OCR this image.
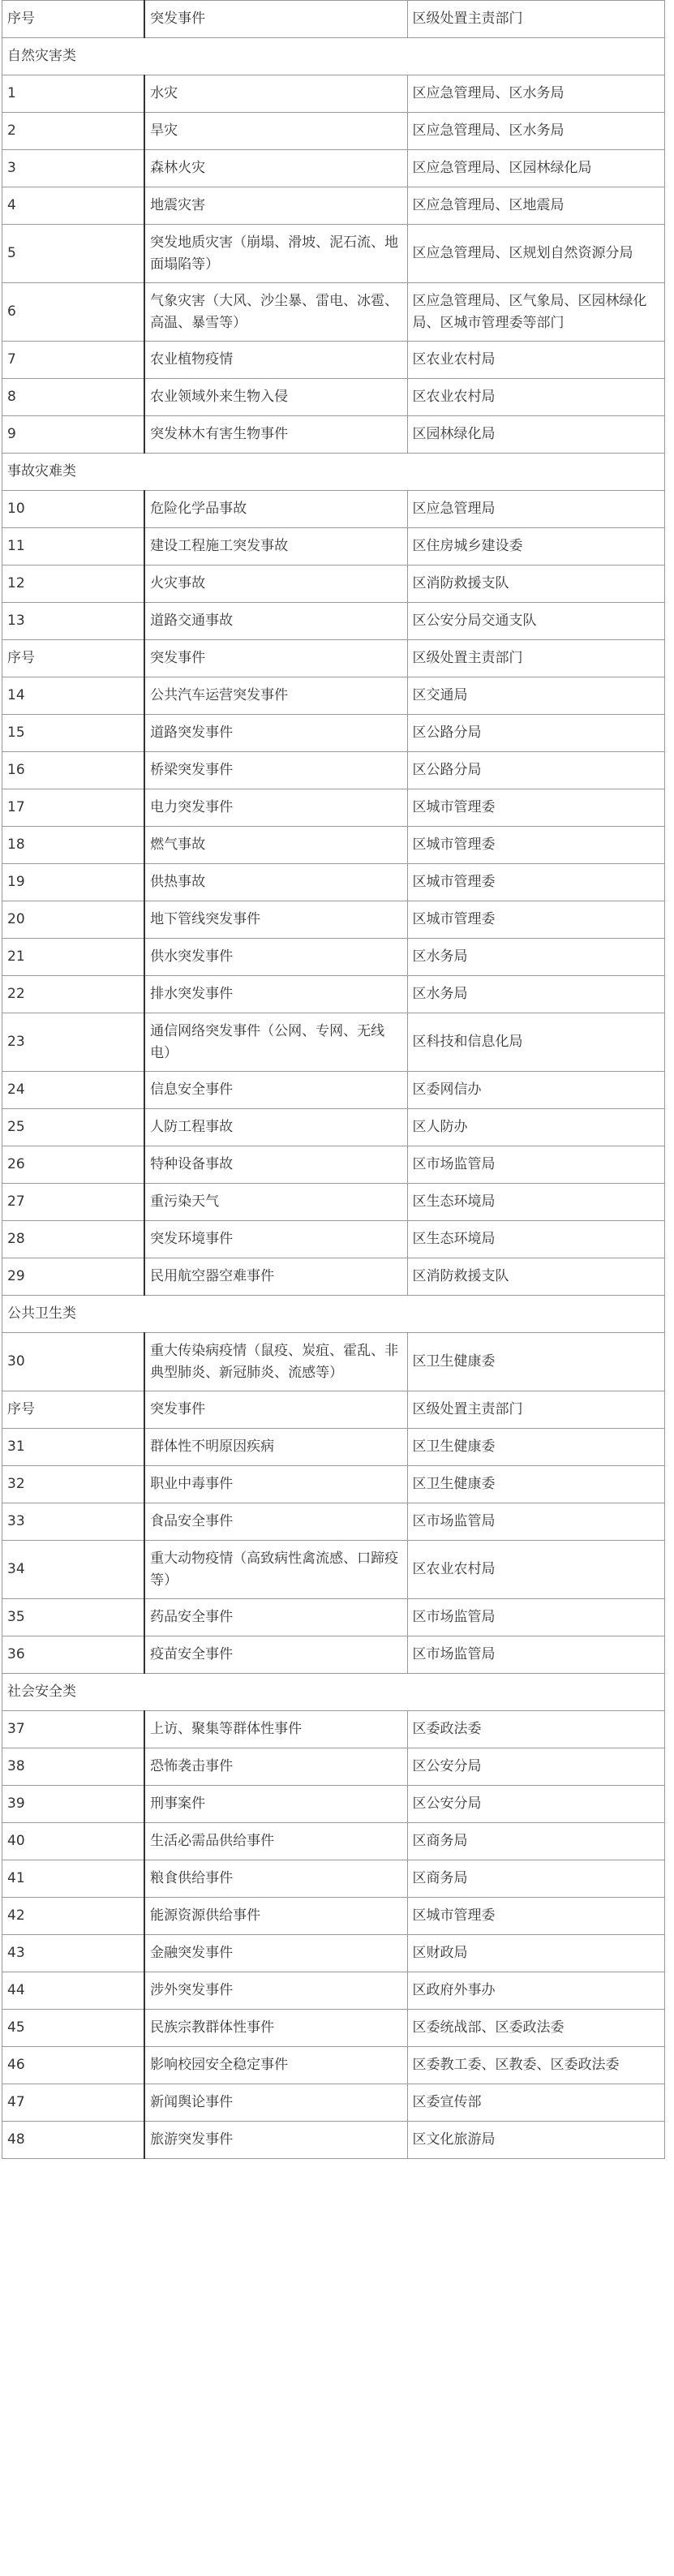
序号	突发事件	区级处置主责部门
自然灾害类		
1	水灾	区应急管理局、区水务局
2	旱灾	区应急管理局、区水务局
3	森林火灾	区应急管理局、区园林绿化局
4	地震灾害	区应急管理局、区地震局
5	突发地质灾害（崩塌、滑坡、泥石流、地面塌陷等）	区应急管理局、区规划自然资源分局
6	气象灾害（大风、沙尘暴、雷电、冰雹、高温、暴雪等）	区应急管理局、区气象局、区园林绿化局、区城市管理委等部门
7	农业植物疫情	区农业农村局
8	农业领域外来生物入侵	区农业农村局
9	突发林木有害生物事件	区园林绿化局
事故灾难类		
10	危险化学品事故	区应急管理局
11	建设工程施工突发事故	区住房城乡建设委
12	火灾事故	区消防救援支队
13	道路交通事故	区公安分局交通支队
序号	突发事件	区级处置主责部门
14	公共汽车运营突发事件	区交通局
15	道路突发事件	区公路分局
16	桥梁突发事件	区公路分局
17	电力突发事件	区城市管理委
18	燃气事故	区城市管理委
19	供热事故	区城市管理委
20	地下管线突发事件	区城市管理委
21	供水突发事件	区水务局
22	排水突发事件	区水务局
23	通信网络突发事件（公网、专网、无线电）	区科技和信息化局
24	信息安全事件	区委网信办
25	人防工程事故	区人防办
26	特种设备事故	区市场监管局
27	重污染天气	区生态环境局
28	突发环境事件	区生态环境局
29	民用航空器空难事件	区消防救援支队
公共卫生类		
30	重大传染病疫情（鼠疫、炭疽、霍乱、非典型肺炎、新冠肺炎、流感等）	区卫生健康委
序号	突发事件	区级处置主责部门
31	群体性不明原因疾病	区卫生健康委
32	职业中毒事件	区卫生健康委
33	食品安全事件	区市场监管局
34	重大动物疫情（高致病性禽流感、口蹄疫等）	区农业农村局
35	药品安全事件	区市场监管局
36	疫苗安全事件	区市场监管局
社会安全类		
37	上访、聚集等群体性事件	区委政法委
38	恐怖袭击事件	区公安分局
39	刑事案件	区公安分局
40	生活必需品供给事件	区商务局
41	粮食供给事件	区商务局
42	能源资源供给事件	区城市管理委
43	金融突发事件	区财政局
44	涉外突发事件	区政府外事办
45	民族宗教群体性事件	区委统战部、区委政法委
46	影响校园安全稳定事件	区委教工委、区教委、区委政法委
47	新闻舆论事件	区委宣传部
48	旅游突发事件	区文化旅游局
